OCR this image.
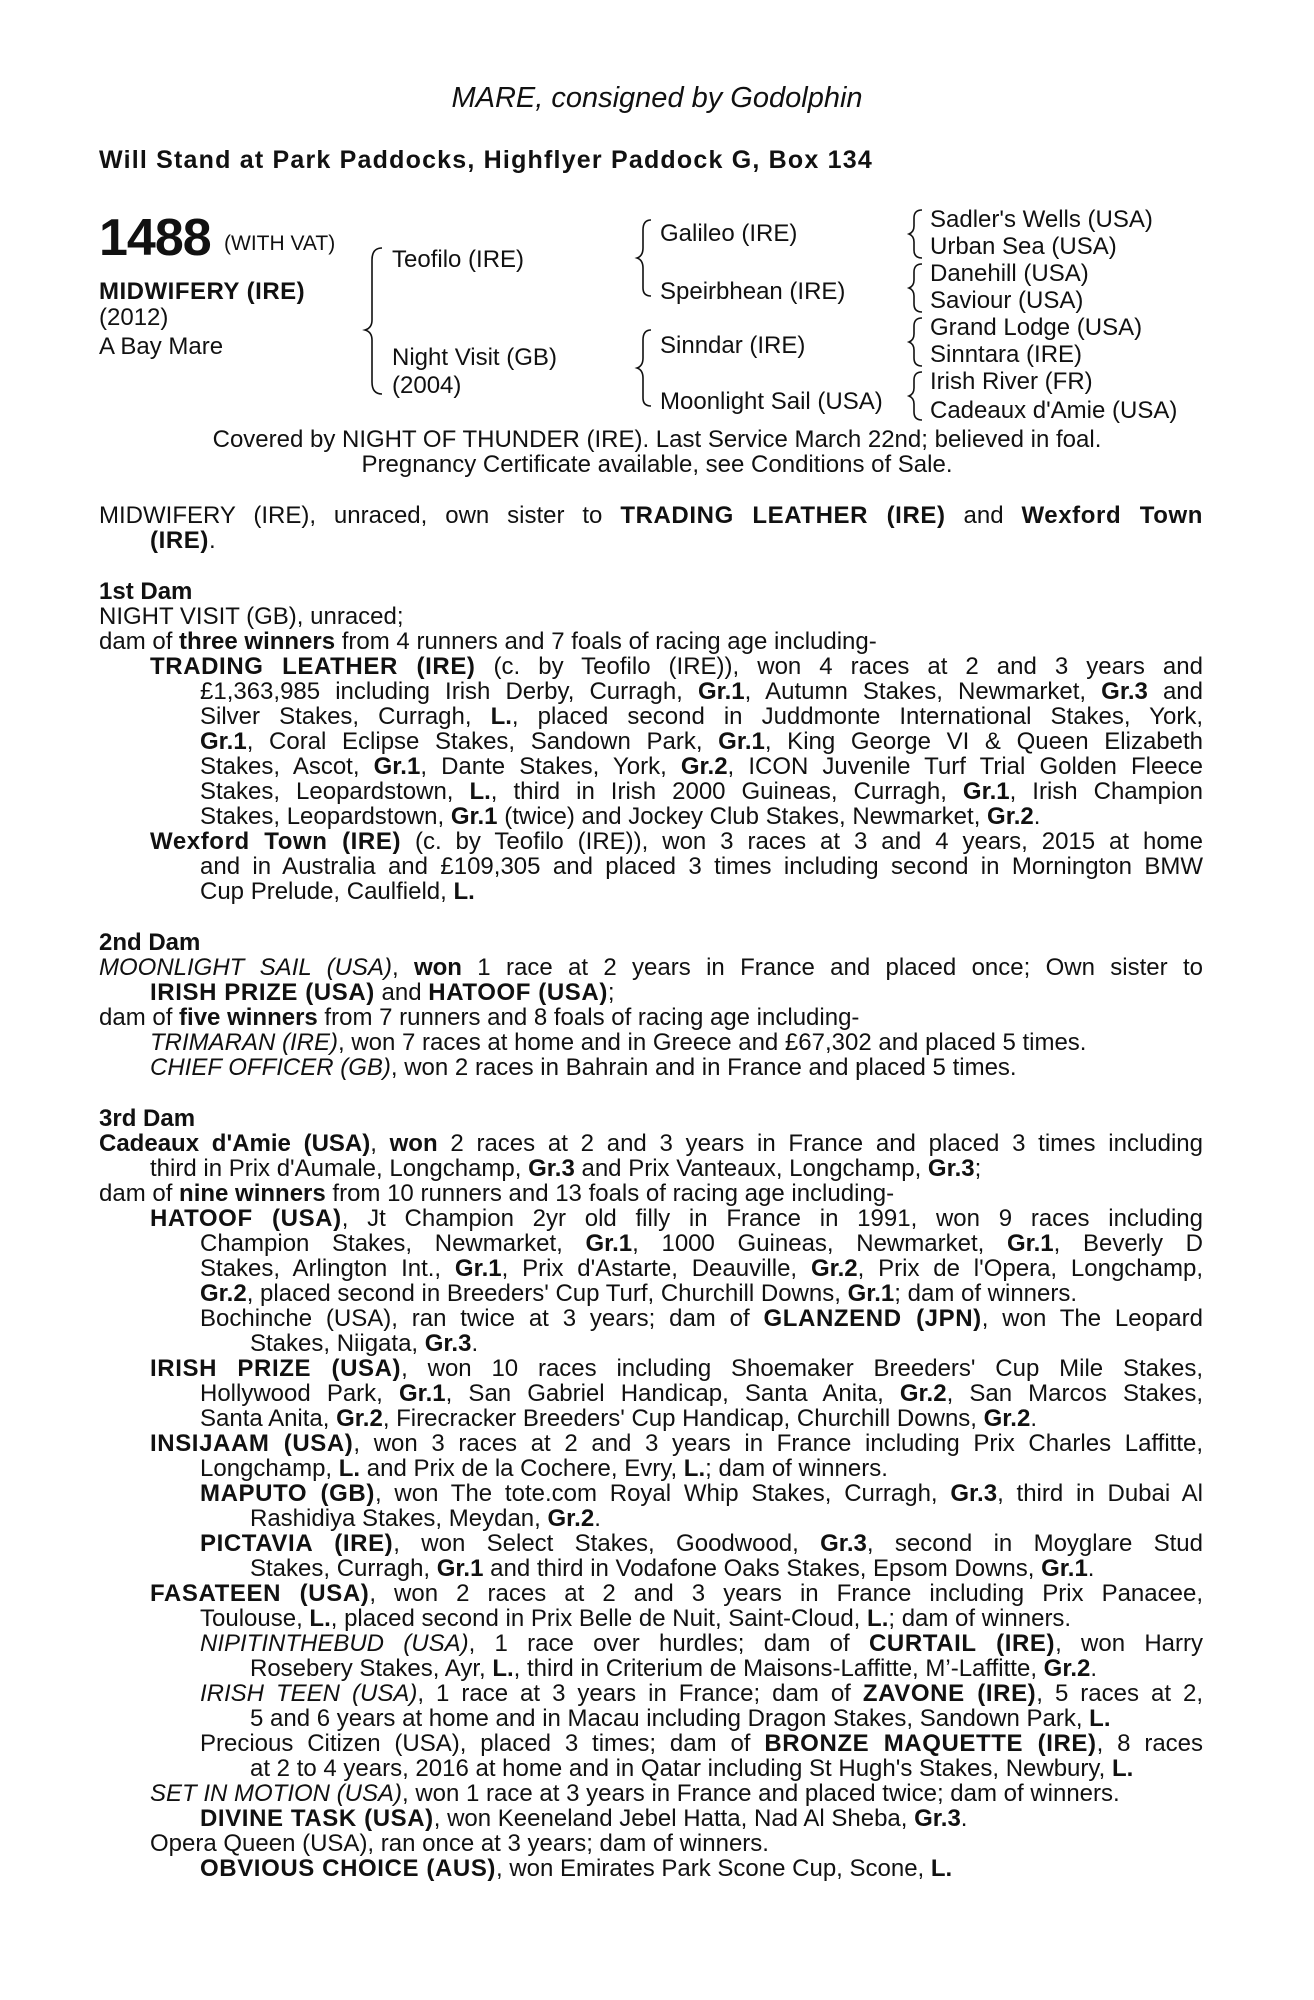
MARE, consigned by Godolphin
Will Stand at Park Paddocks, Highflyer Paddock G, Box 134
1488 (WITH VAT)
MIDWIFERY (IRE)
(2012)
A Bay Mare
Teofilo (IRE)
Night Visit (GB)
(2004)
Galileo (IRE)
Speirbhean (IRE)
Sinndar (IRE)
Moonlight Sail (USA)
Sadler's Wells (USA)
Urban Sea (USA)
Danehill (USA)
Saviour (USA)
Grand Lodge (USA)
Sinntara (IRE)
Irish River (FR)
Cadeaux d'Amie (USA)
Covered by NIGHT OF THUNDER (IRE). Last Service March 22nd; believed in foal.
Pregnancy Certificate available, see Conditions of Sale.
MIDWIFERY (IRE), unraced, own sister to TRADING LEATHER (IRE) and Wexford Town
(IRE).
1st Dam
NIGHT VISIT (GB), unraced;
dam of three winners from 4 runners and 7 foals of racing age including-
TRADING LEATHER (IRE) (c. by Teofilo (IRE)), won 4 races at 2 and 3 years and
£1,363,985 including Irish Derby, Curragh, Gr.1, Autumn Stakes, Newmarket, Gr.3 and
Silver Stakes, Curragh, L., placed second in Juddmonte International Stakes, York,
Gr.1, Coral Eclipse Stakes, Sandown Park, Gr.1, King George VI & Queen Elizabeth
Stakes, Ascot, Gr.1, Dante Stakes, York, Gr.2, ICON Juvenile Turf Trial Golden Fleece
Stakes, Leopardstown, L., third in Irish 2000 Guineas, Curragh, Gr.1, Irish Champion
Stakes, Leopardstown, Gr.1 (twice) and Jockey Club Stakes, Newmarket, Gr.2.
Wexford Town (IRE) (c. by Teofilo (IRE)), won 3 races at 3 and 4 years, 2015 at home
and in Australia and £109,305 and placed 3 times including second in Mornington BMW
Cup Prelude, Caulfield, L.
2nd Dam
MOONLIGHT SAIL (USA), won 1 race at 2 years in France and placed once; Own sister to
IRISH PRIZE (USA) and HATOOF (USA);
dam of five winners from 7 runners and 8 foals of racing age including-
TRIMARAN (IRE), won 7 races at home and in Greece and £67,302 and placed 5 times.
CHIEF OFFICER (GB), won 2 races in Bahrain and in France and placed 5 times.
3rd Dam
Cadeaux d'Amie (USA), won 2 races at 2 and 3 years in France and placed 3 times including
third in Prix d'Aumale, Longchamp, Gr.3 and Prix Vanteaux, Longchamp, Gr.3;
dam of nine winners from 10 runners and 13 foals of racing age including-
HATOOF (USA), Jt Champion 2yr old filly in France in 1991, won 9 races including
Champion Stakes, Newmarket, Gr.1, 1000 Guineas, Newmarket, Gr.1, Beverly D
Stakes, Arlington Int., Gr.1, Prix d'Astarte, Deauville, Gr.2, Prix de l'Opera, Longchamp,
Gr.2, placed second in Breeders' Cup Turf, Churchill Downs, Gr.1; dam of winners.
Bochinche (USA), ran twice at 3 years; dam of GLANZEND (JPN), won The Leopard
Stakes, Niigata, Gr.3.
IRISH PRIZE (USA), won 10 races including Shoemaker Breeders' Cup Mile Stakes,
Hollywood Park, Gr.1, San Gabriel Handicap, Santa Anita, Gr.2, San Marcos Stakes,
Santa Anita, Gr.2, Firecracker Breeders' Cup Handicap, Churchill Downs, Gr.2.
INSIJAAM (USA), won 3 races at 2 and 3 years in France including Prix Charles Laffitte,
Longchamp, L. and Prix de la Cochere, Evry, L.; dam of winners.
MAPUTO (GB), won The tote.com Royal Whip Stakes, Curragh, Gr.3, third in Dubai Al
Rashidiya Stakes, Meydan, Gr.2.
PICTAVIA (IRE), won Select Stakes, Goodwood, Gr.3, second in Moyglare Stud
Stakes, Curragh, Gr.1 and third in Vodafone Oaks Stakes, Epsom Downs, Gr.1.
FASATEEN (USA), won 2 races at 2 and 3 years in France including Prix Panacee,
Toulouse, L., placed second in Prix Belle de Nuit, Saint-Cloud, L.; dam of winners.
NIPITINTHEBUD (USA), 1 race over hurdles; dam of CURTAIL (IRE), won Harry
Rosebery Stakes, Ayr, L., third in Criterium de Maisons-Laffitte, M’-Laffitte, Gr.2.
IRISH TEEN (USA), 1 race at 3 years in France; dam of ZAVONE (IRE), 5 races at 2,
5 and 6 years at home and in Macau including Dragon Stakes, Sandown Park, L.
Precious Citizen (USA), placed 3 times; dam of BRONZE MAQUETTE (IRE), 8 races
at 2 to 4 years, 2016 at home and in Qatar including St Hugh's Stakes, Newbury, L.
SET IN MOTION (USA), won 1 race at 3 years in France and placed twice; dam of winners.
DIVINE TASK (USA), won Keeneland Jebel Hatta, Nad Al Sheba, Gr.3.
Opera Queen (USA), ran once at 3 years; dam of winners.
OBVIOUS CHOICE (AUS), won Emirates Park Scone Cup, Scone, L.
